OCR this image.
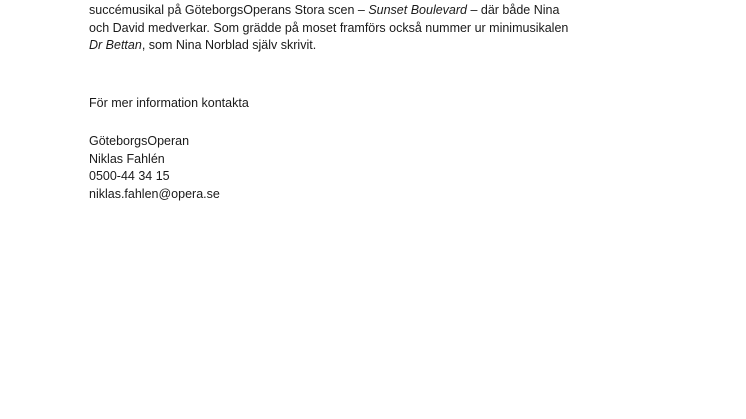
succémusikal på GöteborgsOperans Stora scen – Sunset Boulevard – där både Nina
och David medverkar. Som grädde på moset framförs också nummer ur minimusikalen
Dr Bettan, som Nina Norblad själv skrivit.
För mer information kontakta
GöteborgsOperan
Niklas Fahlén
0500-44 34 15
niklas.fahlen@opera.se
